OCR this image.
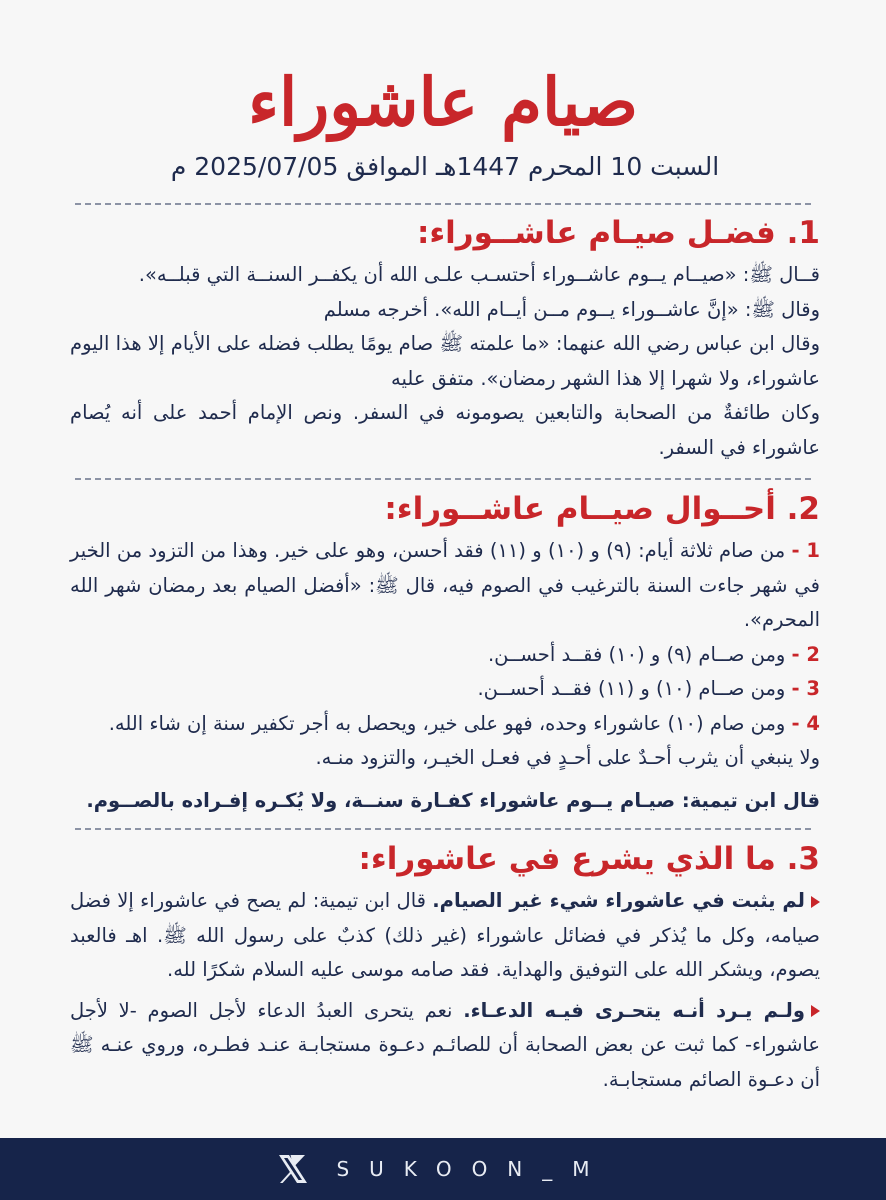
صيام عاشوراء

السبت 10 المحرم 1447هـ الموافق 2025/07/05 م

1. فضـل صيـام عاشــوراء:

قــال ﷺ: «صيــام يــوم عاشــوراء أحتسـب علـى الله أن يكفــر السنــة التي قبلــه».

وقال ﷺ: «إنَّ عاشــوراء يــوم مــن أيــام الله». أخرجه مسلم

وقال ابن عباس رضي الله عنهما: «ما علمته ﷺ صام يومًا يطلب فضله على الأيام إلا هذا اليوم عاشوراء، ولا شهرا إلا هذا الشهر رمضان». متفق عليه

وكان طائفةٌ من الصحابة والتابعين يصومونه في السفر. ونص الإمام أحمد على أنه يُصام عاشوراء في السفر.

2. أحــوال صيــام عاشــوراء:

1 - من صام ثلاثة أيام: (٩) و (١٠) و (١١) فقد أحسن، وهو على خير. وهذا من التزود من الخير في شهر جاءت السنة بالترغيب في الصوم فيه، قال ﷺ: «أفضل الصيام بعد رمضان شهر الله المحرم».

2 - ومن صــام (٩) و (١٠) فقــد أحســن.

3 - ومن صــام (١٠) و (١١) فقــد أحســن.

4 - ومن صام (١٠) عاشوراء وحده، فهو على خير، ويحصل به أجر تكفير سنة إن شاء الله.

ولا ينبغي أن يثرب أحـدٌ على أحـدٍ في فعـل الخيـر، والتزود منـه.

قال ابن تيمية: صيـام يــوم عاشوراء كفـارة سنــة، ولا يُكـره إفـراده بالصــوم.

3. ما الذي يشرع في عاشوراء:

لم يثبت في عاشوراء شيء غير الصيام. قال ابن تيمية: لم يصح في عاشوراء إلا فضل صيامه، وكل ما يُذكر في فضائل عاشوراء (غير ذلك) كذبٌ على رسول الله ﷺ. اهـ فالعبد يصوم، ويشكر الله على التوفيق والهداية. فقد صامه موسى عليه السلام شكرًا لله.

ولـم يـرد أنـه يتحـرى فيـه الدعـاء. نعم يتحرى العبدُ الدعاء لأجل الصوم -لا لأجل عاشوراء- كما ثبت عن بعض الصحابة أن للصائـم دعـوة مستجابـة عنـد فطـره، وروي عنـه ﷺ أن دعـوة الصائم مستجابـة.

SUKOON_M
